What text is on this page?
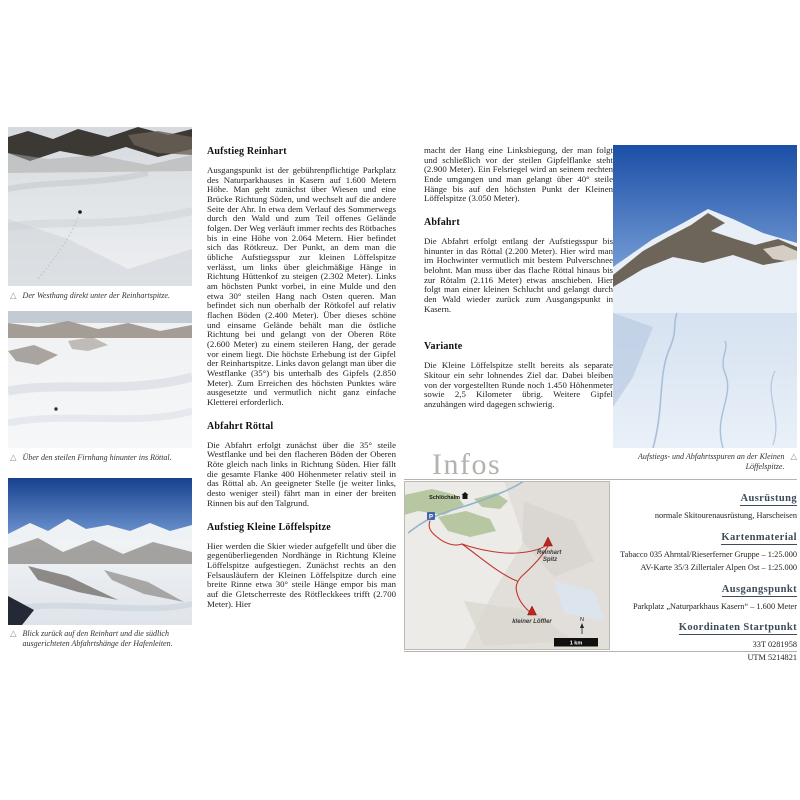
△ Der Westhang direkt unter der Reinhartspitze.
△ Über den steilen Firnhang hinunter ins Röttal.
△ Blick zurück auf den Reinhart und die südlich ausgerichteten Abfahrtshänge der Hafenleiten.
Aufstieg Reinhart

Ausgangspunkt ist der gebührenpflichtige Parkplatz des Naturparkhauses in Kasern auf 1.600 Metern Höhe. Man geht zunächst über Wiesen und eine Brücke Richtung Süden, und wechselt auf die andere Seite der Ahr. In etwa dem Verlauf des Sommerwegs durch den Wald und zum Teil offenes Gelände folgen. Der Weg verläuft immer rechts des Rötbaches bis in eine Höhe von 2.064 Metern. Hier befindet sich das Rötkreuz. Der Punkt, an dem man die übliche Aufstiegsspur zur kleinen Löffelspitze verlässt, um links über gleichmäßige Hänge in Richtung Hüttenkof zu steigen (2.302 Meter). Links am höchsten Punkt vorbei, in eine Mulde und den etwa 30° steilen Hang nach Osten queren. Man befindet sich nun oberhalb der Rötkofel auf relativ flachen Böden (2.400 Meter). Über dieses schöne und einsame Gelände behält man die östliche Richtung bei und gelangt von der Oberen Röte (2.600 Meter) zu einem steileren Hang, der gerade vor einem liegt. Die höchste Erhebung ist der Gipfel der Reinhartspitze. Links davon gelangt man über die Westflanke (35°) bis unterhalb des Gipfels (2.850 Meter). Zum Erreichen des höchsten Punktes wäre ausgesetzte und vermutlich nicht ganz einfache Kletterei erforderlich.

Abfahrt Röttal

Die Abfahrt erfolgt zunächst über die 35° steile Westflanke und bei den flacheren Böden der Oberen Röte gleich nach links in Richtung Süden. Hier fällt die gesamte Flanke 400 Höhenmeter relativ steil in das Röttal ab. An geeigneter Stelle (je weiter links, desto weniger steil) fährt man in einer der breiten Rinnen bis auf den Talgrund.

Aufstieg Kleine Löffelspitze

Hier werden die Skier wieder aufgefellt und über die gegenüberliegenden Nordhänge in Richtung Kleine Löffelspitze aufgestiegen. Zunächst rechts an den Felsausläufern der Kleinen Löffelspitze durch eine breite Rinne etwa 30° steile Hänge empor bis man auf die Gletscherreste des Rötfleckkees trifft (2.700 Meter). Hier

macht der Hang eine Linksbiegung, der man folgt und schließlich vor der steilen Gipfelflanke steht (2.900 Meter). Ein Felsriegel wird an seinem rechten Ende umgangen und man gelangt über 40° steile Hänge bis auf den höchsten Punkt der Kleinen Löffelspitze (3.050 Meter).

Abfahrt

Die Abfahrt erfolgt entlang der Aufstiegsspur bis hinunter in das Röttal (2.200 Meter). Hier wird man im Hochwinter vermutlich mit bestem Pulverschnee belohnt. Man muss über das flache Röttal hinaus bis zur Rötalm (2.116 Meter) etwas anschieben. Hier folgt man einer kleinen Schlucht und gelangt durch den Wald wieder zurück zum Ausgangspunkt in Kasern.

Variante

Die Kleine Löffelspitze stellt bereits als separate Skitour ein sehr lohnendes Ziel dar. Dabei bleiben von der vorgestellten Runde noch 1.450 Höhenmeter sowie 2,5 Kilometer übrig. Weitere Gipfel anzuhängen wird dagegen schwierig.

Aufstiegs- und Abfahrtsspuren an der Kleinen Löffelspitze.
△
Infos
Reinhart Spitz
kleiner Löffler
Schlöchalm
P
N
1 km
Ausrüstung
normale Skitourenausrüstung, Harscheisen
Kartenmaterial
Tabacco 035 Ahrntal/Rieserferner Gruppe – 1:25.000
AV-Karte 35/3 Zillertaler Alpen Ost – 1:25.000
Ausgangspunkt
Parkplatz „Naturparkhaus Kasern“ – 1.600 Meter
Koordinaten Startpunkt
33T 0281958
UTM 5214821
